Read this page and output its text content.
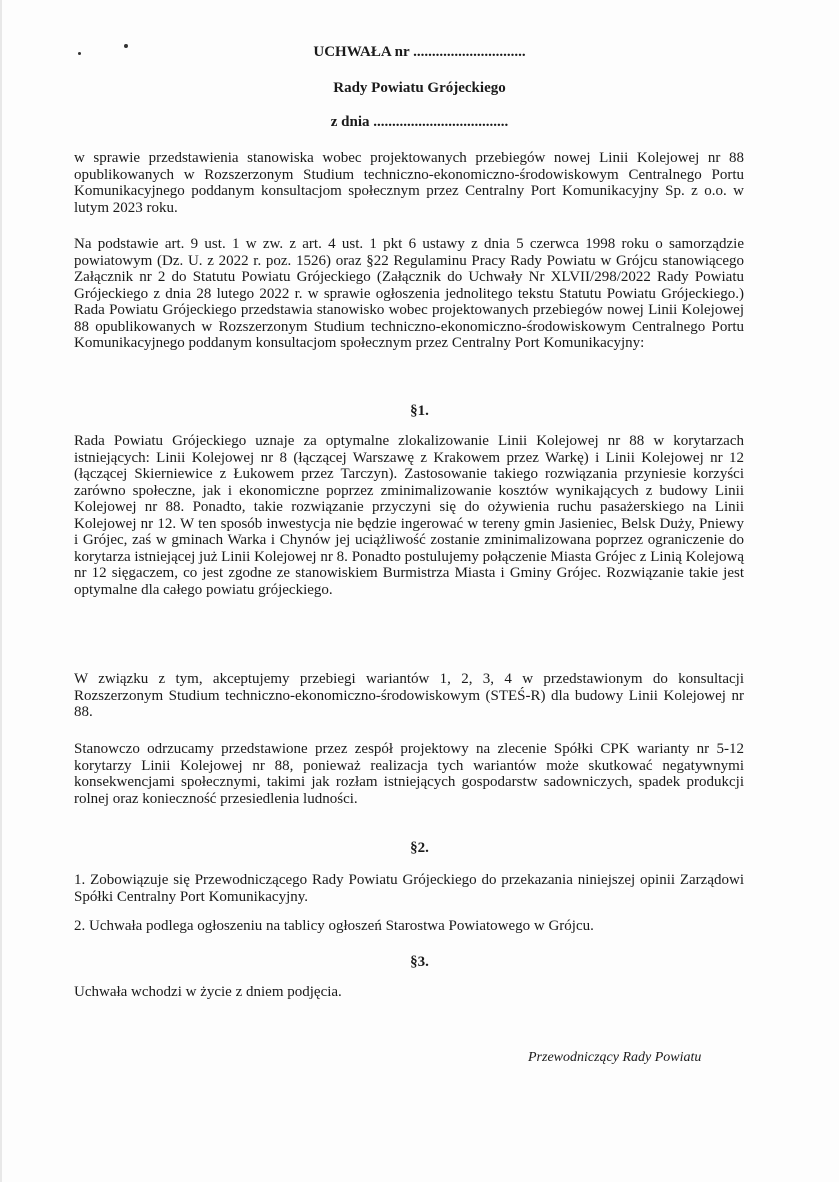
UCHWAŁA nr ..............................
Rady Powiatu Grójeckiego
z dnia ....................................

w sprawie przedstawienia stanowiska wobec projektowanych przebiegów nowej Linii Kolejowej nr 88 opublikowanych w Rozszerzonym Studium techniczno-ekonomiczno-środowiskowym Centralnego Portu Komunikacyjnego poddanym konsultacjom społecznym przez Centralny Port Komunikacyjny Sp. z o.o. w lutym 2023 roku.

Na podstawie art. 9 ust. 1 w zw. z art. 4 ust. 1 pkt 6 ustawy z dnia 5 czerwca 1998 roku o samorządzie powiatowym (Dz. U. z 2022 r. poz. 1526) oraz §22 Regulaminu Pracy Rady Powiatu w Grójcu stanowiącego Załącznik nr 2 do Statutu Powiatu Grójeckiego (Załącznik do Uchwały Nr XLVII/298/2022 Rady Powiatu Grójeckiego z dnia 28 lutego 2022 r. w sprawie ogłoszenia jednolitego tekstu Statutu Powiatu Grójeckiego.) Rada Powiatu Grójeckiego przedstawia stanowisko wobec projektowanych przebiegów nowej Linii Kolejowej 88 opublikowanych w Rozszerzonym Studium techniczno-ekonomiczno-środowiskowym Centralnego Portu Komunikacyjnego poddanym konsultacjom społecznym przez Centralny Port Komunikacyjny:

§1.

Rada Powiatu Grójeckiego uznaje za optymalne zlokalizowanie Linii Kolejowej nr 88 w korytarzach istniejących: Linii Kolejowej nr 8 (łączącej Warszawę z Krakowem przez Warkę) i Linii Kolejowej nr 12 (łączącej Skierniewice z Łukowem przez Tarczyn). Zastosowanie takiego rozwiązania przyniesie korzyści zarówno społeczne, jak i ekonomiczne poprzez zminimalizowanie kosztów wynikających z budowy Linii Kolejowej nr 88. Ponadto, takie rozwiązanie przyczyni się do ożywienia ruchu pasażerskiego na Linii Kolejowej nr 12. W ten sposób inwestycja nie będzie ingerować w tereny gmin Jasieniec, Belsk Duży, Pniewy i Grójec, zaś w gminach Warka i Chynów jej uciążliwość zostanie zminimalizowana poprzez ograniczenie do korytarza istniejącej już Linii Kolejowej nr 8. Ponadto postulujemy połączenie Miasta Grójec z Linią Kolejową nr 12 sięgaczem, co jest zgodne ze stanowiskiem Burmistrza Miasta i Gminy Grójec. Rozwiązanie takie jest optymalne dla całego powiatu grójeckiego.

W związku z tym, akceptujemy przebiegi wariantów 1, 2, 3, 4 w przedstawionym do konsultacji Rozszerzonym Studium techniczno-ekonomiczno-środowiskowym (STEŚ-R) dla budowy Linii Kolejowej nr 88.

Stanowczo odrzucamy przedstawione przez zespół projektowy na zlecenie Spółki CPK warianty nr 5-12 korytarzy Linii Kolejowej nr 88, ponieważ realizacja tych wariantów może skutkować negatywnymi konsekwencjami społecznymi, takimi jak rozłam istniejących gospodarstw sadowniczych, spadek produkcji rolnej oraz konieczność przesiedlenia ludności.

§2.

1. Zobowiązuje się Przewodniczącego Rady Powiatu Grójeckiego do przekazania niniejszej opinii Zarządowi Spółki Centralny Port Komunikacyjny.

2. Uchwała podlega ogłoszeniu na tablicy ogłoszeń Starostwa Powiatowego w Grójcu.

§3.

Uchwała wchodzi w życie z dniem podjęcia.

Przewodniczący Rady Powiatu
